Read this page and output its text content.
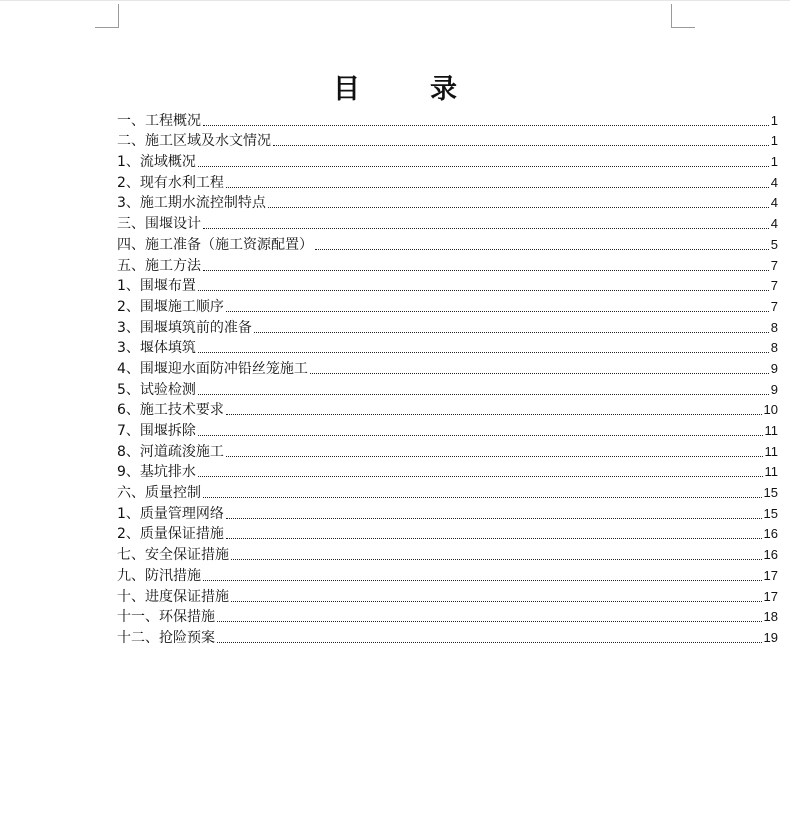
目录
一、工程概况	1
二、施工区域及水文情况	1
1、流域概况	1
2、现有水利工程	4
3、施工期水流控制特点	4
三、围堰设计	4
四、施工准备（施工资源配置）	5
五、施工方法	7
1、围堰布置	7
2、围堰施工顺序	7
3、围堰填筑前的准备	8
3、堰体填筑	8
4、围堰迎水面防冲铅丝笼施工	9
5、试验检测	9
6、施工技术要求	10
7、围堰拆除	11
8、河道疏浚施工	11
9、基坑排水	11
六、质量控制	15
1、质量管理网络	15
2、质量保证措施	16
七、安全保证措施	16
九、防汛措施	17
十、进度保证措施	17
十一、环保措施	18
十二、抢险预案	19
